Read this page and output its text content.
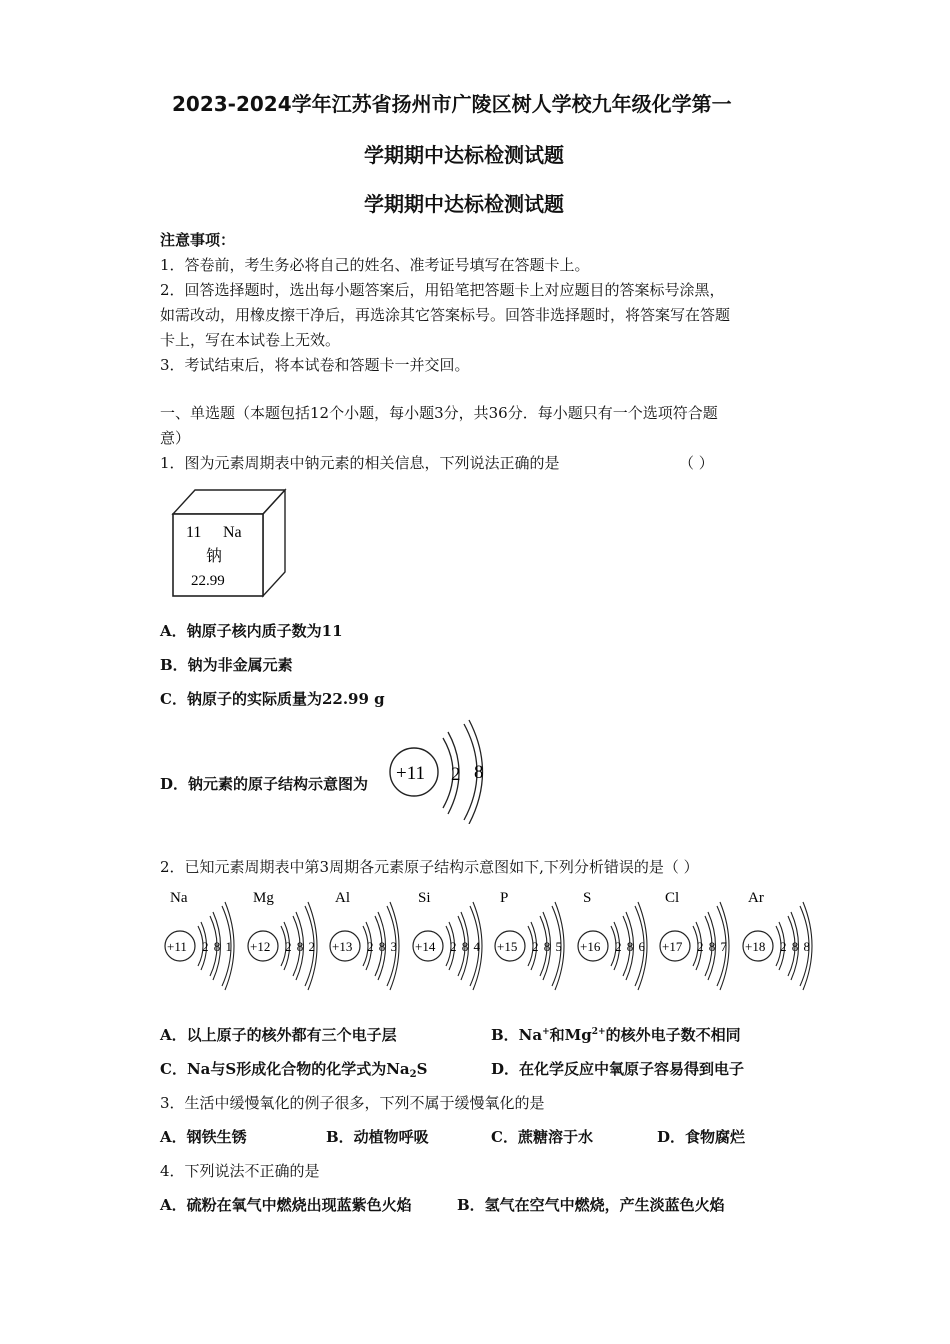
2023-2024学年江苏省扬州市广陵区树人学校九年级化学第一
学期期中达标检测试题
学期期中达标检测试题
注意事项：
1．答卷前，考生务必将自己的姓名、准考证号填写在答题卡上。
2．回答选择题时，选出每小题答案后，用铅笔把答题卡上对应题目的答案标号涂黑，
如需改动，用橡皮擦干净后，再选涂其它答案标号。回答非选择题时，将答案写在答题
卡上，写在本试卷上无效。
3．考试结束后，将本试卷和答题卡一并交回。
一、单选题（本题包括12个小题，每小题3分，共36分．每小题只有一个选项符合题
意）
1．图为元素周期表中钠元素的相关信息，下列说法正确的是	（ ）
11 Na
钠
22.99
A．钠原子核内质子数为11
B．钠为非金属元素
C．钠原子的实际质量为22.99 g
D．钠元素的原子结构示意图为 +11 2 8
2．已知元素周期表中第3周期各元素原子结构示意图如下,下列分析错误的是（ ）
Na
+11 2 8 1
Mg
+12 2 8 2
Al
+13 2 8 3
Si
+14 2 8 4
P
+15 2 8 5
S
+16 2 8 6
Cl
+17 2 8 7
Ar
+18 2 8 8
A．以上原子的核外都有三个电子层	B．Na+和$Mg^{2+}$的核外电子数不相同
C．Na与S形成化合物的化学式为$Na_2S$	D．在化学反应中氧原子容易得到电子
3．生活中缓慢氧化的例子很多，下列不属于缓慢氧化的是
A．钢铁生锈	B．动植物呼吸	C．蔗糖溶于水	D．食物腐烂
4．下列说法不正确的是
A．硫粉在氧气中燃烧出现蓝紫色火焰	B．氢气在空气中燃烧，产生淡蓝色火焰
